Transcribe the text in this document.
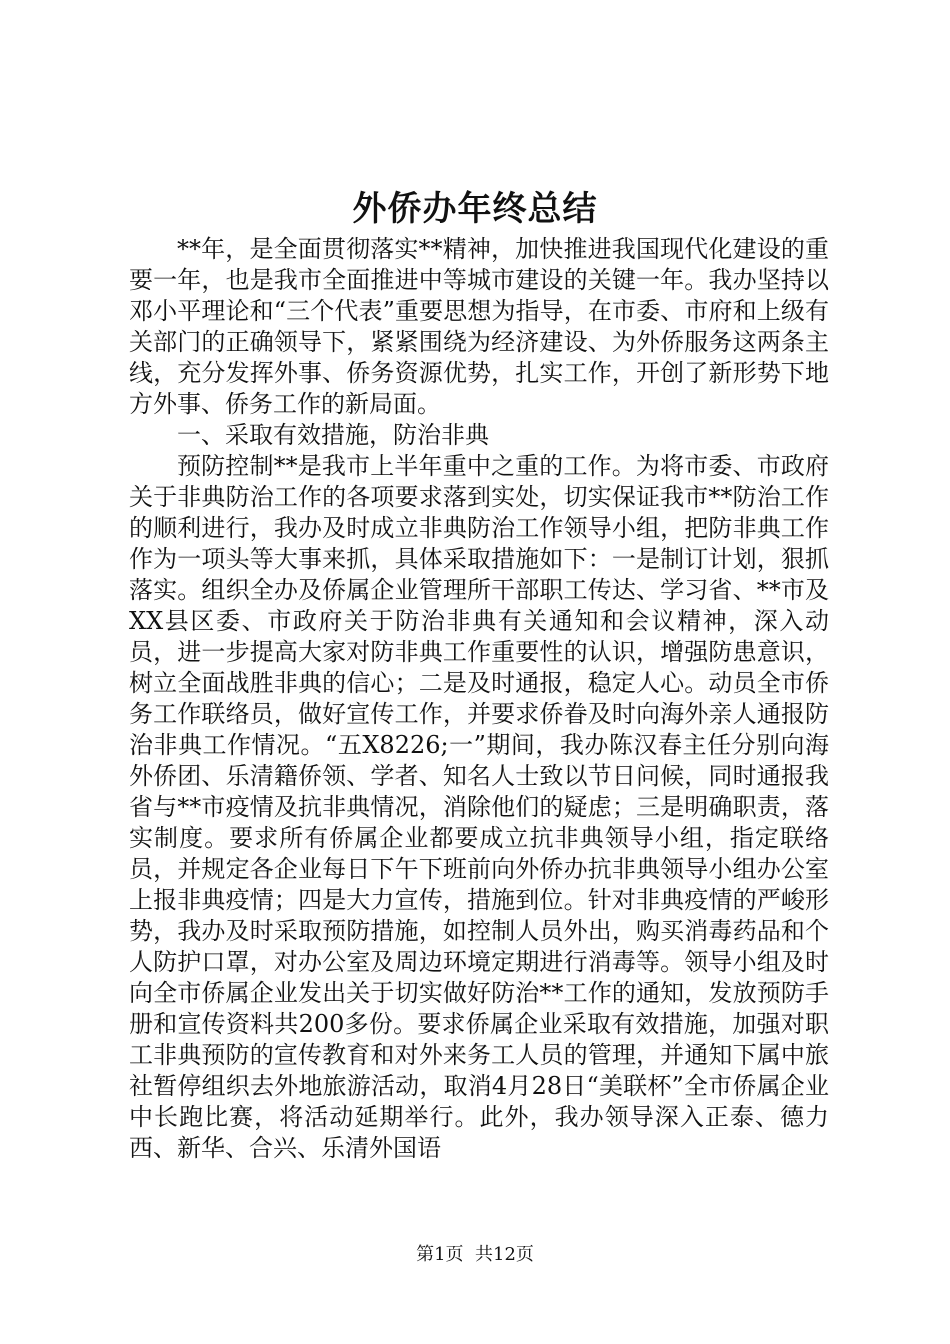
外侨办年终总结

**年，是全面贯彻落实**精神，加快推进我国现代化建设的重要一年，也是我市全面推进中等城市建设的关键一年。我办坚持以邓小平理论和“三个代表”重要思想为指导，在市委、市府和上级有关部门的正确领导下，紧紧围绕为经济建设、为外侨服务这两条主线，充分发挥外事、侨务资源优势，扎实工作，开创了新形势下地方外事、侨务工作的新局面。

一、采取有效措施，防治非典

预防控制**是我市上半年重中之重的工作。为将市委、市政府关于非典防治工作的各项要求落到实处，切实保证我市**防治工作的顺利进行，我办及时成立非典防治工作领导小组，把防非典工作作为一项头等大事来抓，具体采取措施如下：一是制订计划，狠抓落实。组织全办及侨属企业管理所干部职工传达、学习省、**市及XX县区委、市政府关于防治非典有关通知和会议精神，深入动员，进一步提高大家对防非典工作重要性的认识，增强防患意识，树立全面战胜非典的信心；二是及时通报，稳定人心。动员全市侨务工作联络员，做好宣传工作，并要求侨眷及时向海外亲人通报防治非典工作情况。“五X8226;一”期间，我办陈汉春主任分别向海外侨团、乐清籍侨领、学者、知名人士致以节日问候，同时通报我省与**市疫情及抗非典情况，消除他们的疑虑；三是明确职责，落实制度。要求所有侨属企业都要成立抗非典领导小组，指定联络员，并规定各企业每日下午下班前向外侨办抗非典领导小组办公室上报非典疫情；四是大力宣传，措施到位。针对非典疫情的严峻形势，我办及时采取预防措施，如控制人员外出，购买消毒药品和个人防护口罩，对办公室及周边环境定期进行消毒等。领导小组及时向全市侨属企业发出关于切实做好防治**工作的通知，发放预防手册和宣传资料共200多份。要求侨属企业采取有效措施，加强对职工非典预防的宣传教育和对外来务工人员的管理，并通知下属中旅社暂停组织去外地旅游活动，取消4月28日“美联杯”全市侨属企业中长跑比赛，将活动延期举行。此外，我办领导深入正泰、德力西、新华、合兴、乐清外国语

第1页  共12页
